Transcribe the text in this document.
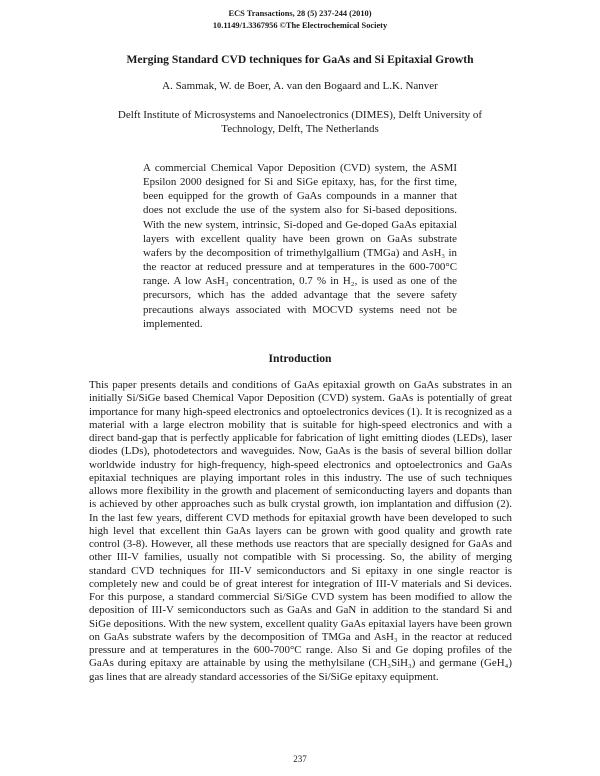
ECS Transactions, 28 (5) 237-244 (2010)
10.1149/1.3367956 ©The Electrochemical Society
Merging Standard CVD techniques for GaAs and Si Epitaxial Growth
A. Sammak, W. de Boer, A. van den Bogaard and L.K. Nanver
Delft Institute of Microsystems and Nanoelectronics (DIMES), Delft University of
Technology, Delft, The Netherlands

A commercial Chemical Vapor Deposition (CVD) system, the ASMI Epsilon 2000 designed for Si and SiGe epitaxy, has, for the first time, been equipped for the growth of GaAs compounds in a manner that does not exclude the use of the system also for Si-based depositions. With the new system, intrinsic, Si-doped and Ge-doped GaAs epitaxial layers with excellent quality have been grown on GaAs substrate wafers by the decomposition of trimethylgallium (TMGa) and AsH₃ in the reactor at reduced pressure and at temperatures in the 600-700°C range. A low AsH₃ concentration, 0.7 % in H₂, is used as one of the precursors, which has the added advantage that the severe safety precautions always associated with MOCVD systems need not be implemented.

Introduction

This paper presents details and conditions of GaAs epitaxial growth on GaAs substrates in an initially Si/SiGe based Chemical Vapor Deposition (CVD) system. GaAs is potentially of great importance for many high-speed electronics and optoelectronics devices (1). It is recognized as a material with a large electron mobility that is suitable for high-speed electronics and with a direct band-gap that is perfectly applicable for fabrication of light emitting diodes (LEDs), laser diodes (LDs), photodetectors and waveguides. Now, GaAs is the basis of several billion dollar worldwide industry for high-frequency, high-speed electronics and optoelectronics and GaAs epitaxial techniques are playing important roles in this industry. The use of such techniques allows more flexibility in the growth and placement of semiconducting layers and dopants than is achieved by other approaches such as bulk crystal growth, ion implantation and diffusion (2). In the last few years, different CVD methods for epitaxial growth have been developed to such high level that excellent thin GaAs layers can be grown with good quality and growth rate control (3-8). However, all these methods use reactors that are specially designed for GaAs and other III-V families, usually not compatible with Si processing. So, the ability of merging standard CVD techniques for III-V semiconductors and Si epitaxy in one single reactor is completely new and could be of great interest for integration of III-V materials and Si devices. For this purpose, a standard commercial Si/SiGe CVD system has been modified to allow the deposition of III-V semiconductors such as GaAs and GaN in addition to the standard Si and SiGe depositions. With the new system, excellent quality GaAs epitaxial layers have been grown on GaAs substrate wafers by the decomposition of TMGa and AsH₃ in the reactor at reduced pressure and at temperatures in the 600-700°C range. Also Si and Ge doping profiles of the GaAs during epitaxy are attainable by using the methylsilane (CH₃SiH₃) and germane (GeH₄) gas lines that are already standard accessories of the Si/SiGe epitaxy equipment.

237
